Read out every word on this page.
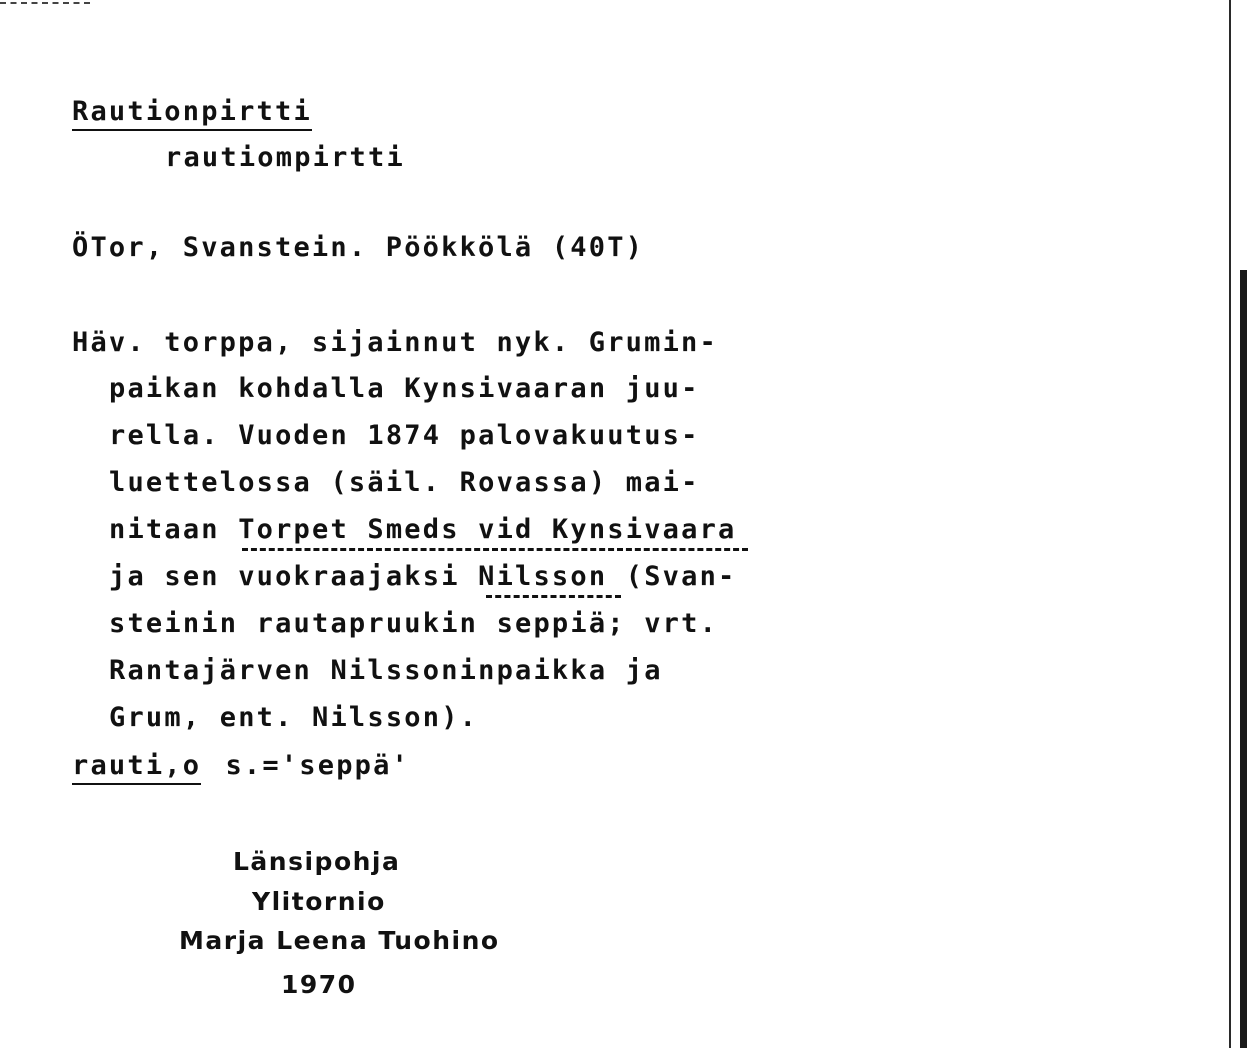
Rautionpirtti
rautiompirtti
ÖTor, Svanstein. Pöökkölä (40T)
Häv. torppa, sijainnut nyk. Grumin-
paikan kohdalla Kynsivaaran juu-
rella. Vuoden 1874 palovakuutus-
luettelossa (säil. Rovassa) mai-
nitaan Torpet Smeds vid Kynsivaara
ja sen vuokraajaksi Nilsson (Svan-
steinin rautapruukin seppiä; vrt.
Rantajärven Nilssoninpaikka ja
Grum, ent. Nilsson).
rauti,o s.='seppä'
Länsipohja
Ylitornio
Marja Leena Tuohino
1970
